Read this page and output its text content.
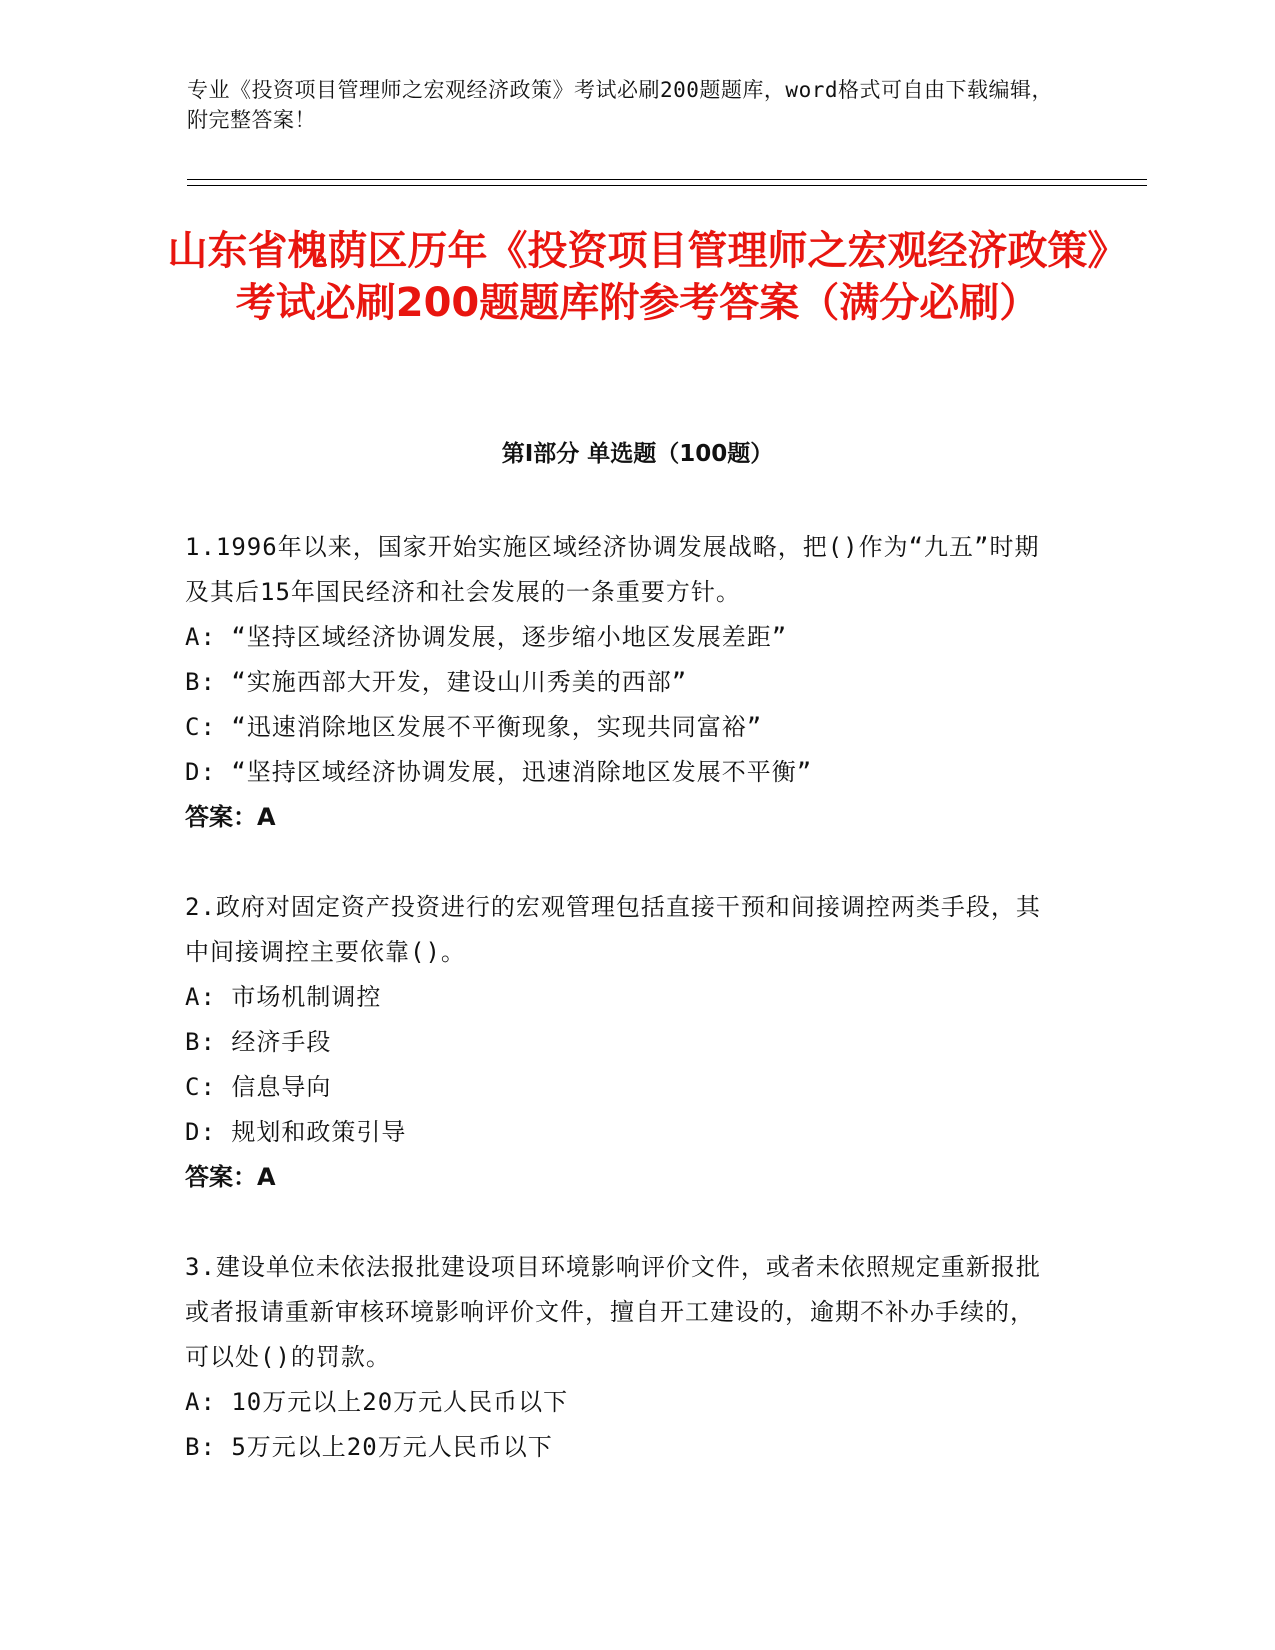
专业《投资项目管理师之宏观经济政策》考试必刷200题题库，word格式可自由下载编辑，附完整答案！
山东省槐荫区历年《投资项目管理师之宏观经济政策》考试必刷200题题库附参考答案（满分必刷）
第Ⅰ部分 单选题（100题）
1.1996年以来，国家开始实施区域经济协调发展战略，把()作为“九五”时期及其后15年国民经济和社会发展的一条重要方针。
A: “坚持区域经济协调发展，逐步缩小地区发展差距”
B: “实施西部大开发，建设山川秀美的西部”
C: “迅速消除地区发展不平衡现象，实现共同富裕”
D: “坚持区域经济协调发展，迅速消除地区发展不平衡”
答案：A
2.政府对固定资产投资进行的宏观管理包括直接干预和间接调控两类手段，其中间接调控主要依靠()。
A: 市场机制调控
B: 经济手段
C: 信息导向
D: 规划和政策引导
答案：A
3.建设单位未依法报批建设项目环境影响评价文件，或者未依照规定重新报批或者报请重新审核环境影响评价文件，擅自开工建设的，逾期不补办手续的，可以处()的罚款。
A: 10万元以上20万元人民币以下
B: 5万元以上20万元人民币以下
